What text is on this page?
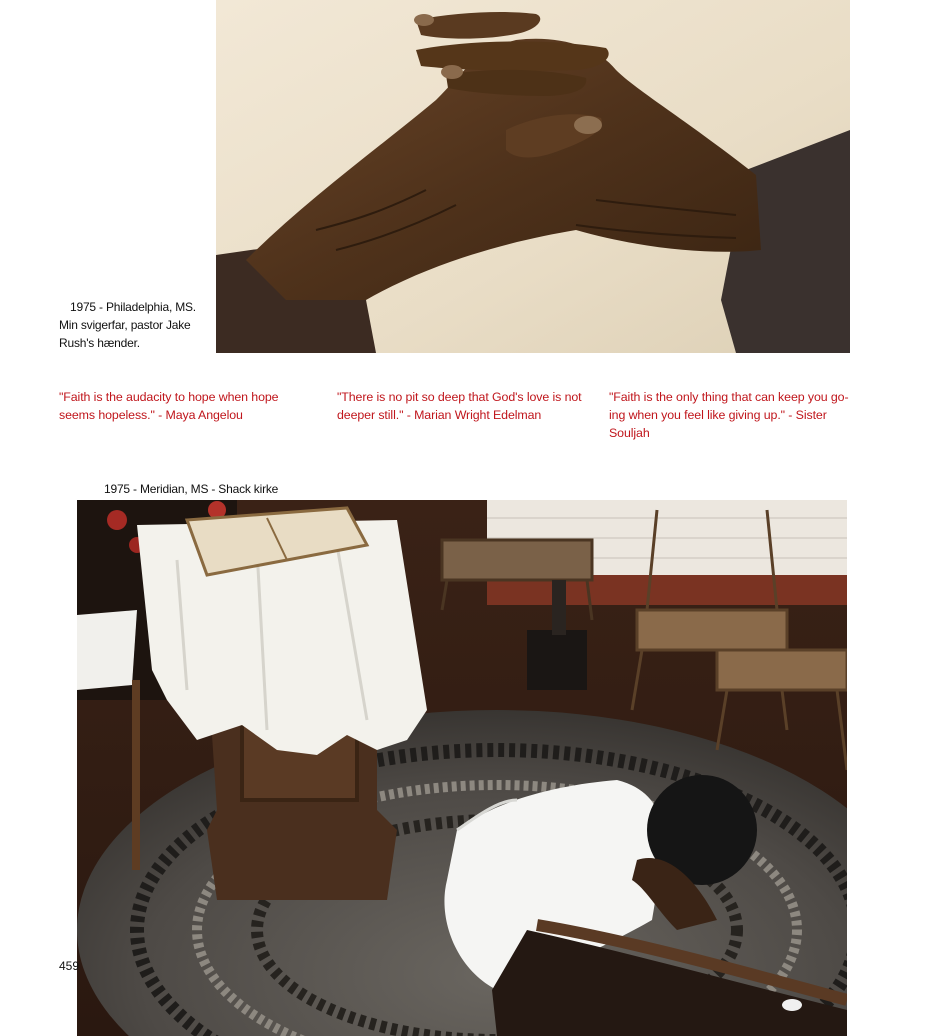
1975 - Philadelphia, MS.
Min svigerfar, pastor Jake Rush's hænder.
"Faith is the audacity to hope when hope seems hopeless." - Maya Angelou
"There is no pit so deep that God's love is not deeper still." - Marian Wright Edelman
"Faith is the only thing that can keep you go-ing when you feel like giving up." - Sister Souljah
1975 - Meridian, MS - Shack kirke
459
